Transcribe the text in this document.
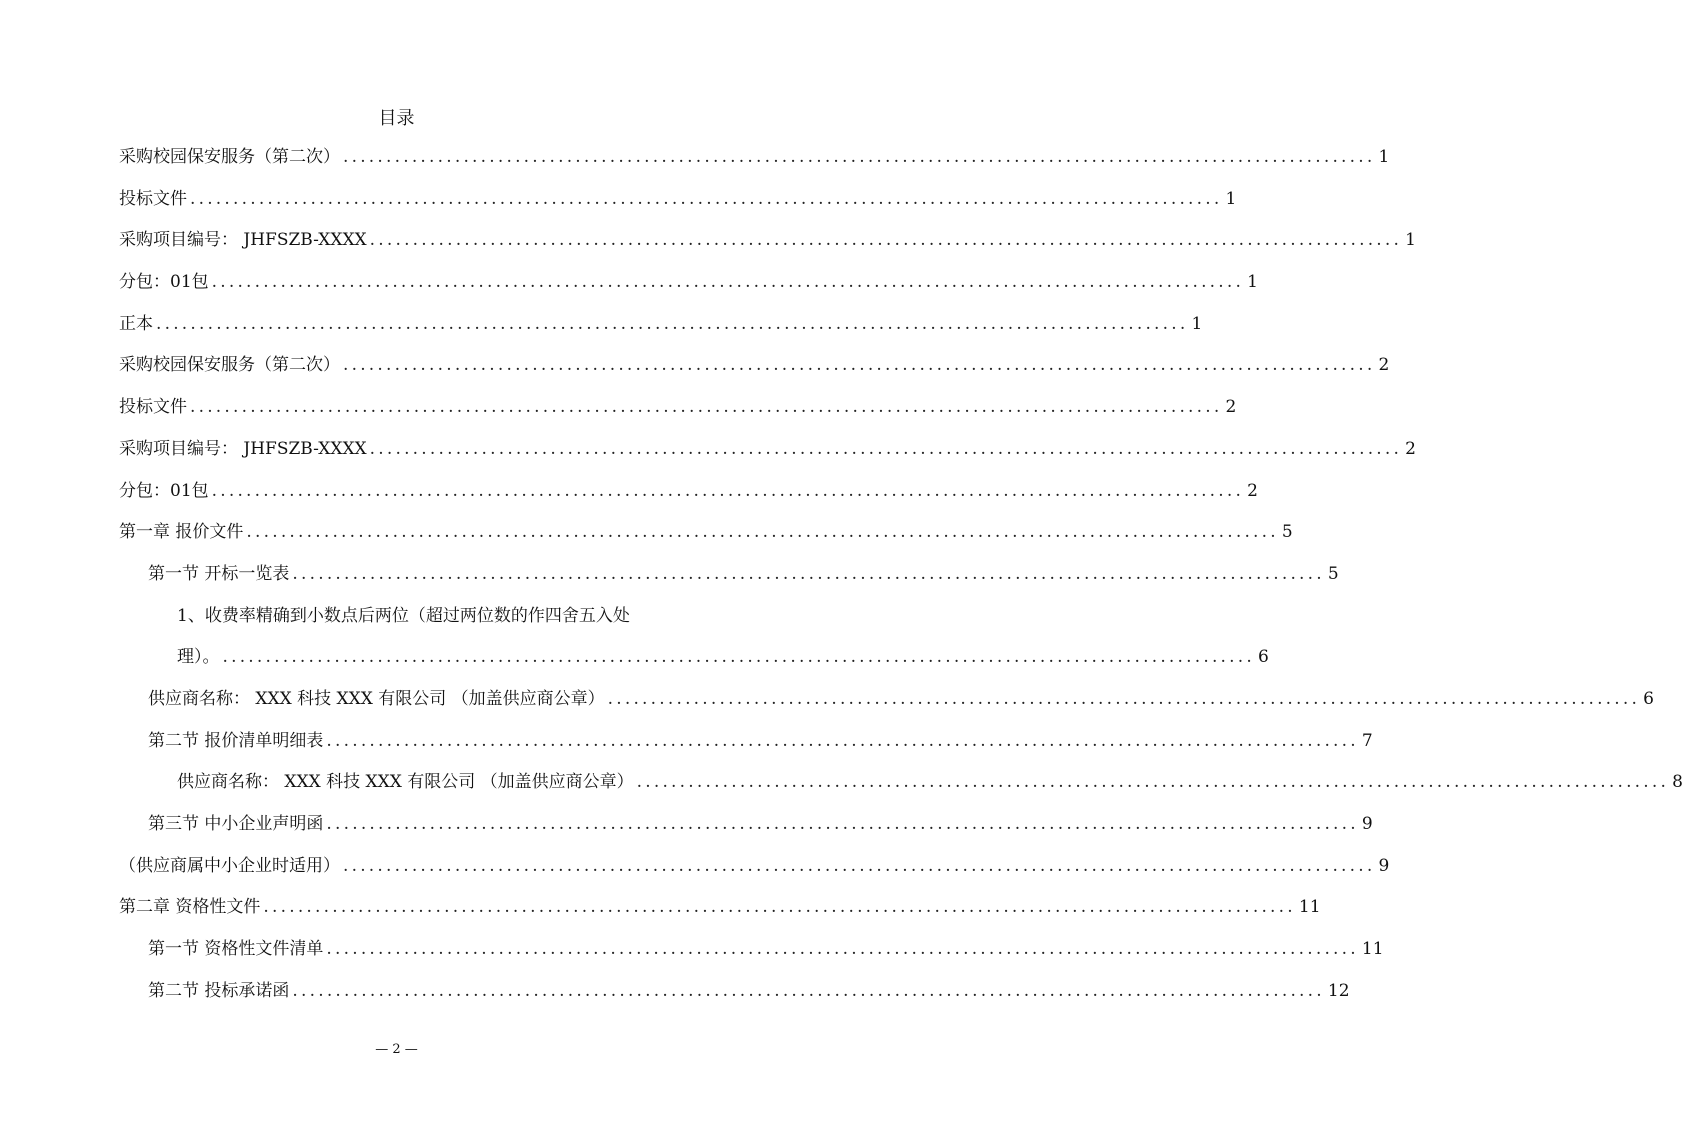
目录
采购校园保安服务（第二次） ........................................................................................................................ 1
投标文件 ........................................................................................................................ 1
采购项目编号： JHFSZB-XXXX ........................................................................................................................ 1
分包：01包 ........................................................................................................................ 1
正本 ........................................................................................................................ 1
采购校园保安服务（第二次） ........................................................................................................................ 2
投标文件 ........................................................................................................................ 2
采购项目编号： JHFSZB-XXXX ........................................................................................................................ 2
分包：01包 ........................................................................................................................ 2
第一章 报价文件 ........................................................................................................................ 5
第一节 开标一览表 ........................................................................................................................ 5
1、收费率精确到小数点后两位（超过两位数的作四舍五入处
理）。 ........................................................................................................................ 6
供应商名称： XXX 科技 XXX 有限公司 （加盖供应商公章） ........................................................................................................................ 6
第二节 报价清单明细表 ........................................................................................................................ 7
供应商名称： XXX 科技 XXX 有限公司 （加盖供应商公章） ........................................................................................................................ 8
第三节 中小企业声明函 ........................................................................................................................ 9
（供应商属中小企业时适用） ........................................................................................................................ 9
第二章 资格性文件 ........................................................................................................................ 11
第一节 资格性文件清单 ........................................................................................................................ 11
第二节 投标承诺函 ........................................................................................................................ 12
— 2 —
